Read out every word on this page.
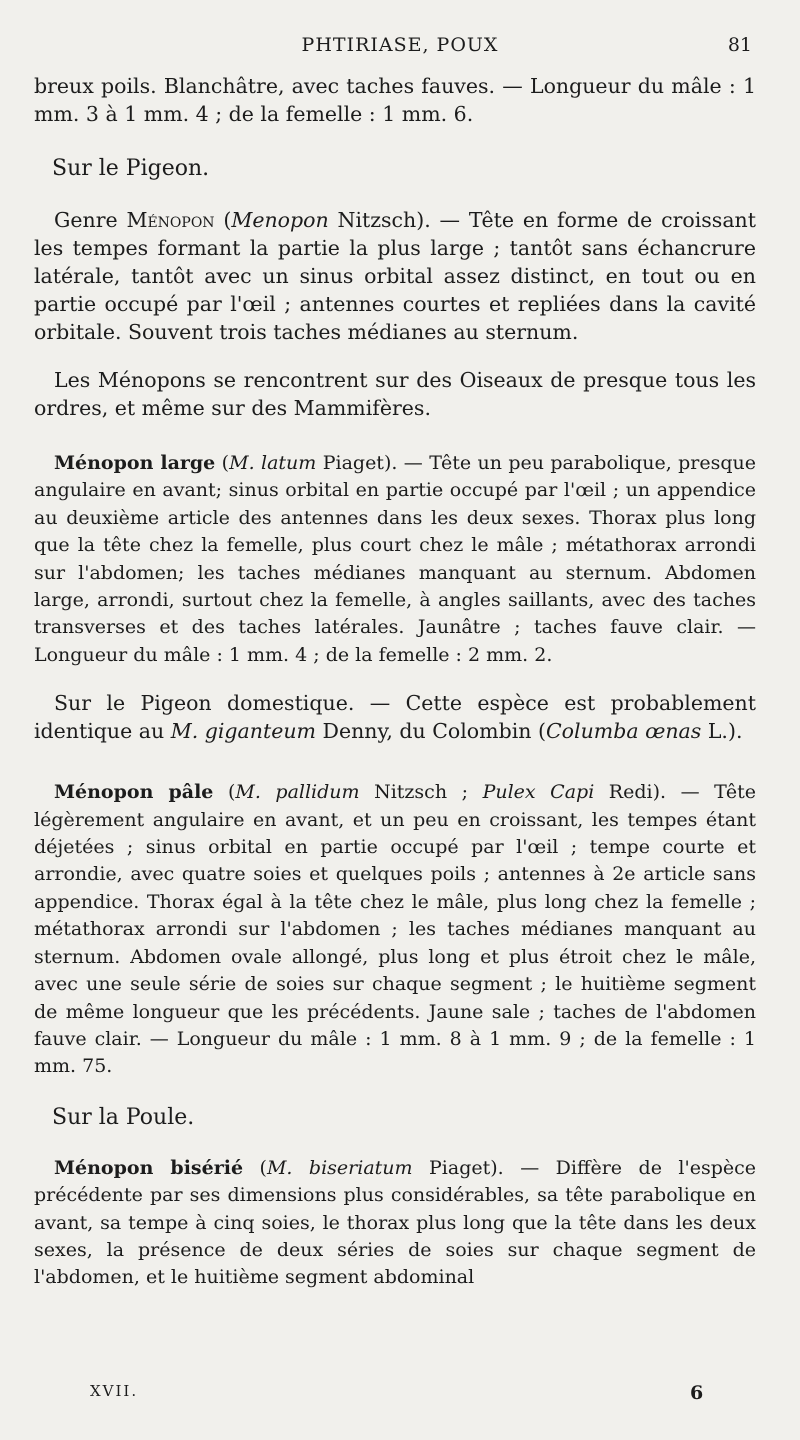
PHTIRIASE, POUX	81

breux poils. Blanchâtre, avec taches fauves. — Longueur du mâle : 1 mm. 3 à 1 mm. 4 ; de la femelle : 1 mm. 6.

Sur le Pigeon.

Genre Ménopon (Menopon Nitzsch). — Tête en forme de croissant les tempes formant la partie la plus large ; tantôt sans échancrure latérale, tantôt avec un sinus orbital assez distinct, en tout ou en partie occupé par l'œil ; antennes courtes et repliées dans la cavité orbitale. Souvent trois taches médianes au sternum.

Les Ménopons se rencontrent sur des Oiseaux de presque tous les ordres, et même sur des Mammifères.

Ménopon large (M. latum Piaget). — Tête un peu parabolique, presque angulaire en avant; sinus orbital en partie occupé par l'œil ; un appendice au deuxième article des antennes dans les deux sexes. Thorax plus long que la tête chez la femelle, plus court chez le mâle ; métathorax arrondi sur l'abdomen; les taches médianes manquant au sternum. Abdomen large, arrondi, surtout chez la femelle, à angles saillants, avec des taches transverses et des taches latérales. Jaunâtre ; taches fauve clair. — Longueur du mâle : 1 mm. 4 ; de la femelle : 2 mm. 2.

Sur le Pigeon domestique. — Cette espèce est probablement identique au M. giganteum Denny, du Colombin (Columba œnas L.).

Ménopon pâle (M. pallidum Nitzsch ; Pulex Capi Redi). — Tête légèrement angulaire en avant, et un peu en croissant, les tempes étant déjetées ; sinus orbital en partie occupé par l'œil ; tempe courte et arrondie, avec quatre soies et quelques poils ; antennes à 2e article sans appendice. Thorax égal à la tête chez le mâle, plus long chez la femelle ; métathorax arrondi sur l'abdomen ; les taches médianes manquant au sternum. Abdomen ovale allongé, plus long et plus étroit chez le mâle, avec une seule série de soies sur chaque segment ; le huitième segment de même longueur que les précédents. Jaune sale ; taches de l'abdomen fauve clair. — Longueur du mâle : 1 mm. 8 à 1 mm. 9 ; de la femelle : 1 mm. 75.

Sur la Poule.

Ménopon bisérié (M. biseriatum Piaget). — Diffère de l'espèce précédente par ses dimensions plus considérables, sa tête parabolique en avant, sa tempe à cinq soies, le thorax plus long que la tête dans les deux sexes, la présence de deux séries de soies sur chaque segment de l'abdomen, et le huitième segment abdominal

XVII.	6
